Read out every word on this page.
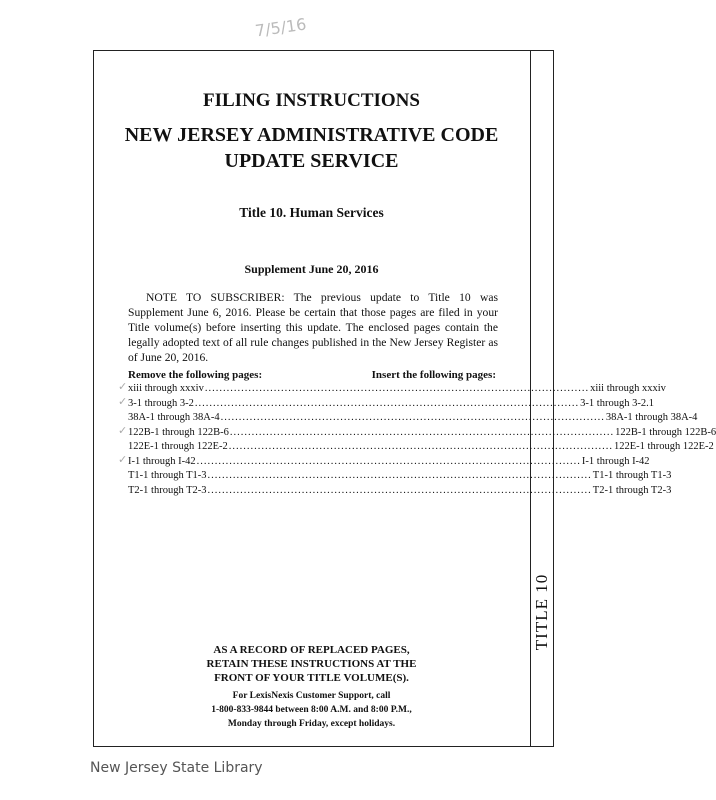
7/5/16
TITLE 10
FILING INSTRUCTIONS
NEW JERSEY ADMINISTRATIVE CODE
UPDATE SERVICE
Title 10. Human Services
Supplement June 20, 2016
NOTE TO SUBSCRIBER: The previous update to Title 10 was Supplement June 6, 2016. Please be certain that those pages are filed in your Title volume(s) before inserting this update. The enclosed pages contain the legally adopted text of all rule changes published in the New Jersey Register as of June 20, 2016.
Remove the following pages:	Insert the following pages:
xiii through xxxiv .......................................................................................................... xiii through xxxiv
3-1 through 3-2 .......................................................................................................... 3-1 through 3-2.1
38A-1 through 38A-4 .......................................................................................................... 38A-1 through 38A-4
122B-1 through 122B-6 .......................................................................................................... 122B-1 through 122B-6
122E-1 through 122E-2 .......................................................................................................... 122E-1 through 122E-2
I-1 through I-42 .......................................................................................................... I-1 through I-42
T1-1 through T1-3 .......................................................................................................... T1-1 through T1-3
T2-1 through T2-3 .......................................................................................................... T2-1 through T2-3
✓
✓
✓
✓
AS A RECORD OF REPLACED PAGES,
RETAIN THESE INSTRUCTIONS AT THE
FRONT OF YOUR TITLE VOLUME(S).
For LexisNexis Customer Support, call
1-800-833-9844 between 8:00 A.M. and 8:00 P.M.,
Monday through Friday, except holidays.
New Jersey State Library
